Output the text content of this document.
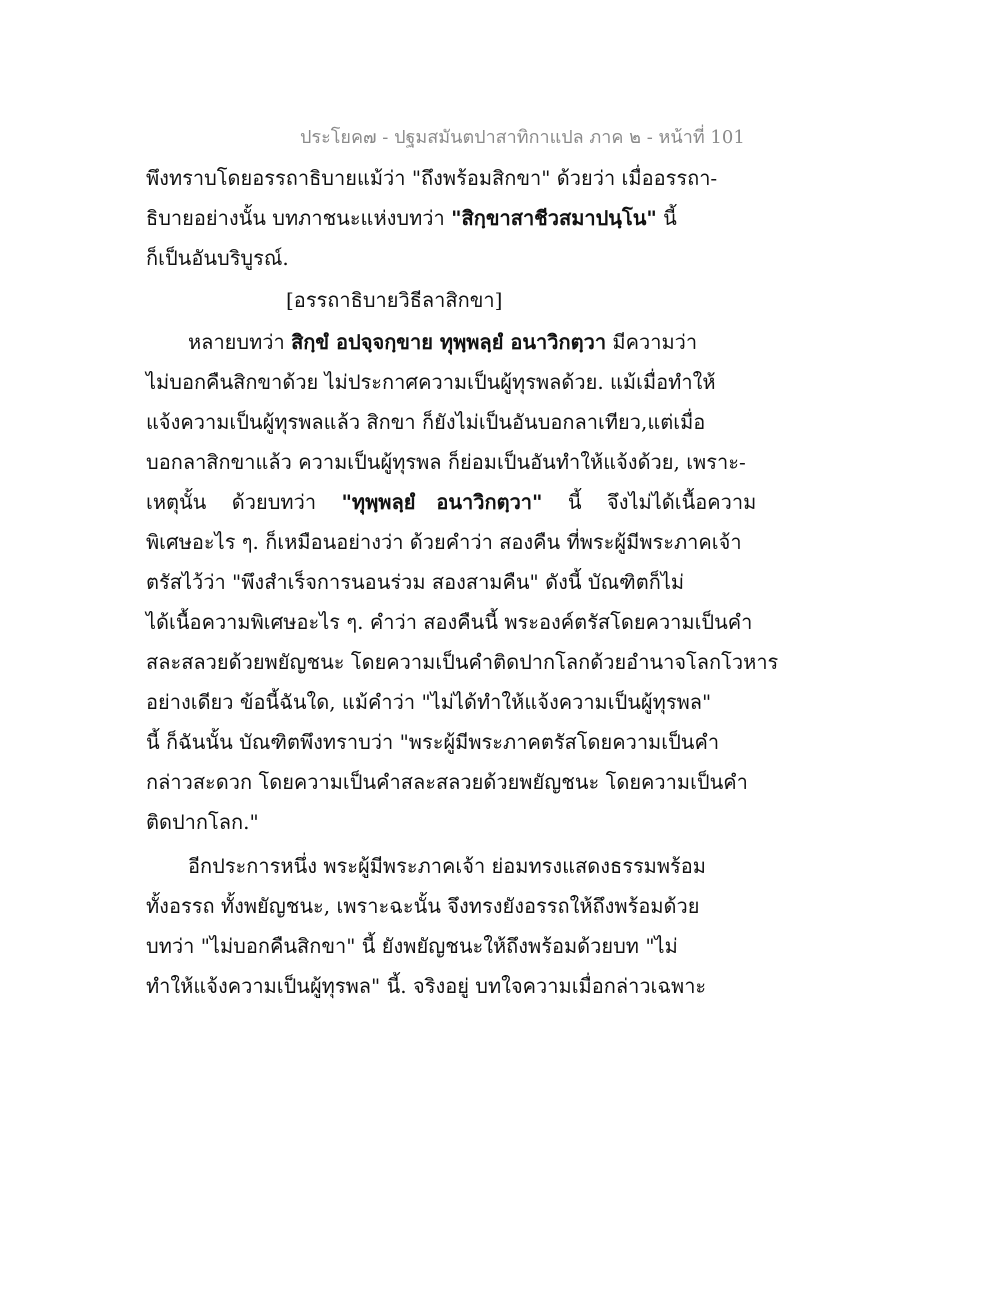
ประโยค๗ - ปฐมสมันตปาสาทิกาแปล ภาค ๒ - หน้าที่ 101
พึงทราบโดยอรรถาธิบายแม้ว่า "ถึงพร้อมสิกขา" ด้วยว่า เมื่ออรรถา-
ธิบายอย่างนั้น บทภาชนะแห่งบทว่า "สิกฺขาสาชีวสมาปนฺโน" นี้
ก็เป็นอันบริบูรณ์.
[อรรถาธิบายวิธีลาสิกขา]
หลายบทว่า สิกฺขํ อปจฺจกฺขาย ทุพฺพลฺยํ อนาวิกตฺวา มีความว่า
ไม่บอกคืนสิกขาด้วย ไม่ประกาศความเป็นผู้ทุรพลด้วย. แม้เมื่อทำให้
แจ้งความเป็นผู้ทุรพลแล้ว สิกขา ก็ยังไม่เป็นอันบอกลาเทียว,แต่เมื่อ
บอกลาสิกขาแล้ว ความเป็นผู้ทุรพล ก็ย่อมเป็นอันทำให้แจ้งด้วย, เพราะ-
เหตุนั้น    ด้วยบทว่า    "ทุพฺพลฺยํ   อนาวิกตฺวา"    นี้    จึงไม่ได้เนื้อความ
พิเศษอะไร ๆ. ก็เหมือนอย่างว่า ด้วยคำว่า สองคืน ที่พระผู้มีพระภาคเจ้า
ตรัสไว้ว่า "พึงสำเร็จการนอนร่วม สองสามคืน" ดังนี้ บัณฑิตก็ไม่
ได้เนื้อความพิเศษอะไร ๆ. คำว่า สองคืนนี้ พระองค์ตรัสโดยความเป็นคำ
สละสลวยด้วยพยัญชนะ โดยความเป็นคำติดปากโลกด้วยอำนาจโลกโวหาร
อย่างเดียว ข้อนี้ฉันใด, แม้คำว่า "ไม่ได้ทำให้แจ้งความเป็นผู้ทุรพล"
นี้ ก็ฉันนั้น บัณฑิตพึงทราบว่า "พระผู้มีพระภาคตรัสโดยความเป็นคำ
กล่าวสะดวก โดยความเป็นคำสละสลวยด้วยพยัญชนะ โดยความเป็นคำ
ติดปากโลก."
อีกประการหนึ่ง พระผู้มีพระภาคเจ้า ย่อมทรงแสดงธรรมพร้อม
ทั้งอรรถ ทั้งพยัญชนะ, เพราะฉะนั้น จึงทรงยังอรรถให้ถึงพร้อมด้วย
บทว่า "ไม่บอกคืนสิกขา" นี้ ยังพยัญชนะให้ถึงพร้อมด้วยบท "ไม่
ทำให้แจ้งความเป็นผู้ทุรพล" นี้. จริงอยู่ บทใจความเมื่อกล่าวเฉพาะ
